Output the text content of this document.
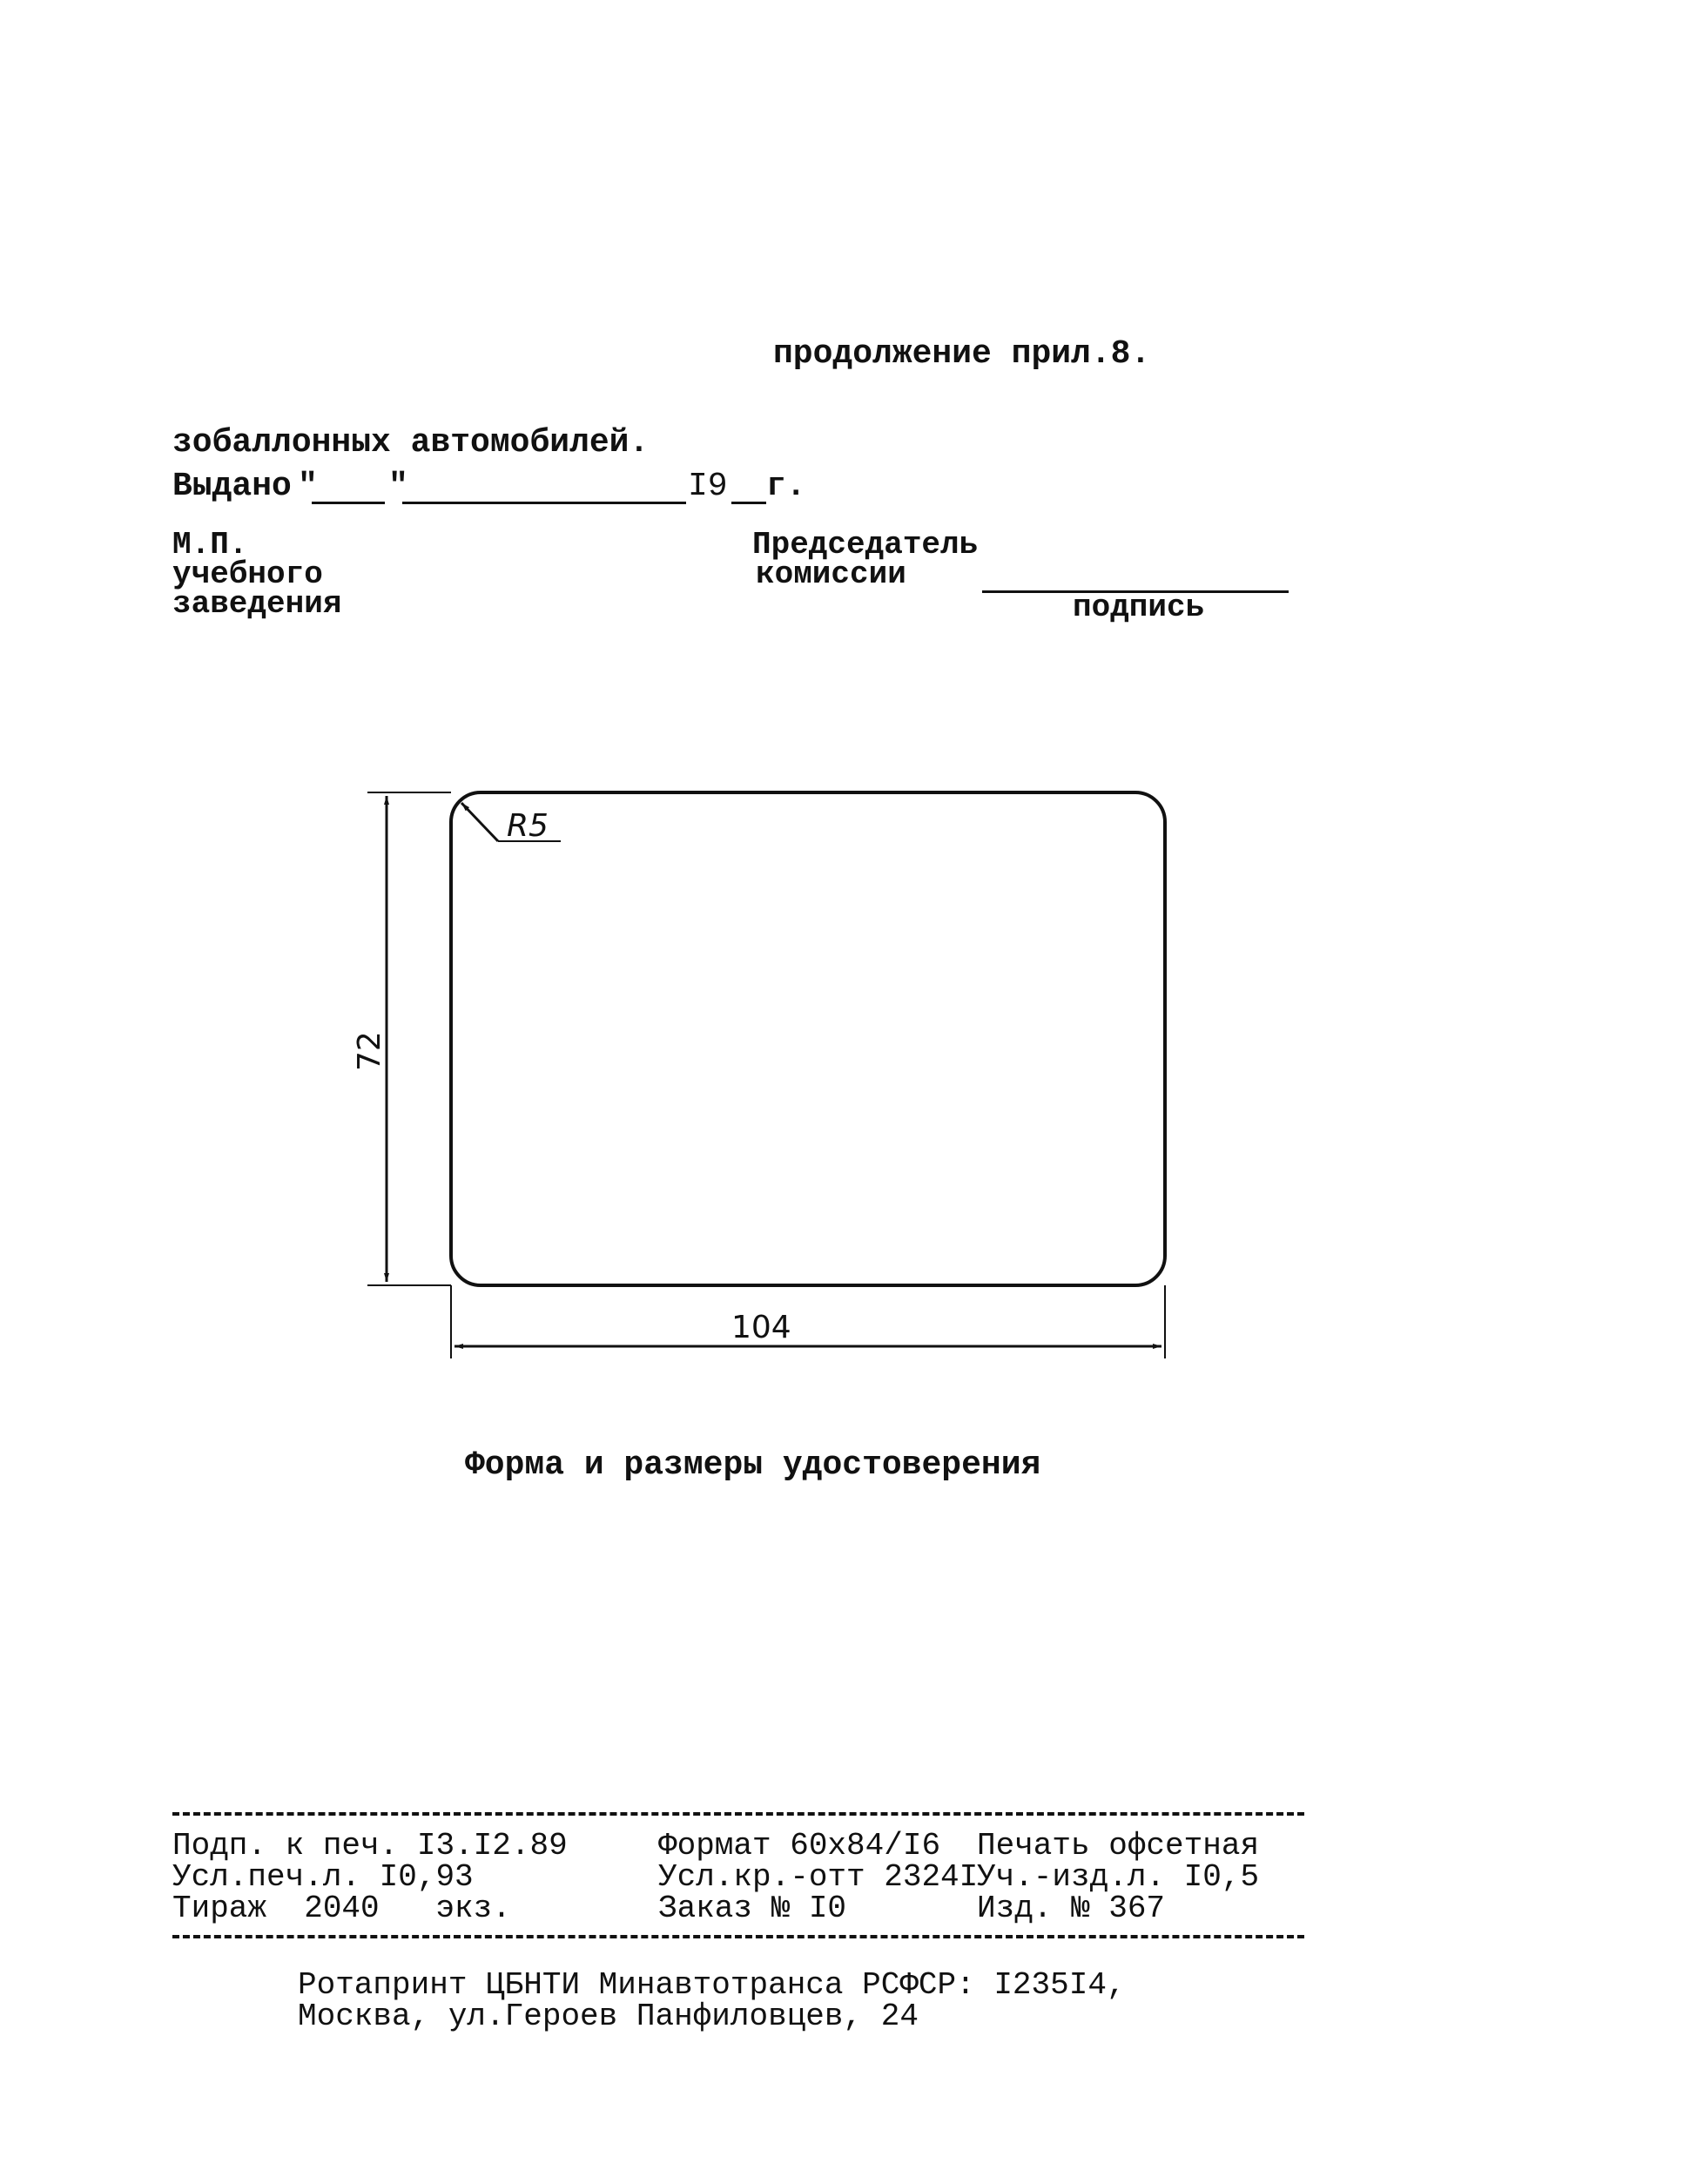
продолжение прил.8.
зобаллонных автомобилей.
Выдано " "	I9 г.
М.П.
учебного
заведения
Председатель
комиссии
подпись
R5
72
104
Форма и размеры удостоверения
Подп. к печ. I3.I2.89
Усл.печ.л. I0,93
Тираж  2040   экз.
Формат 60х84/I6
Усл.кр.-отт 2324I
Заказ № I0
Печать офсетная
Уч.-изд.л. I0,5
Изд. № 367
Ротапринт ЦБНТИ Минавтотранса РСФСР: I235I4,
Москва, ул.Героев Панфиловцев, 24
